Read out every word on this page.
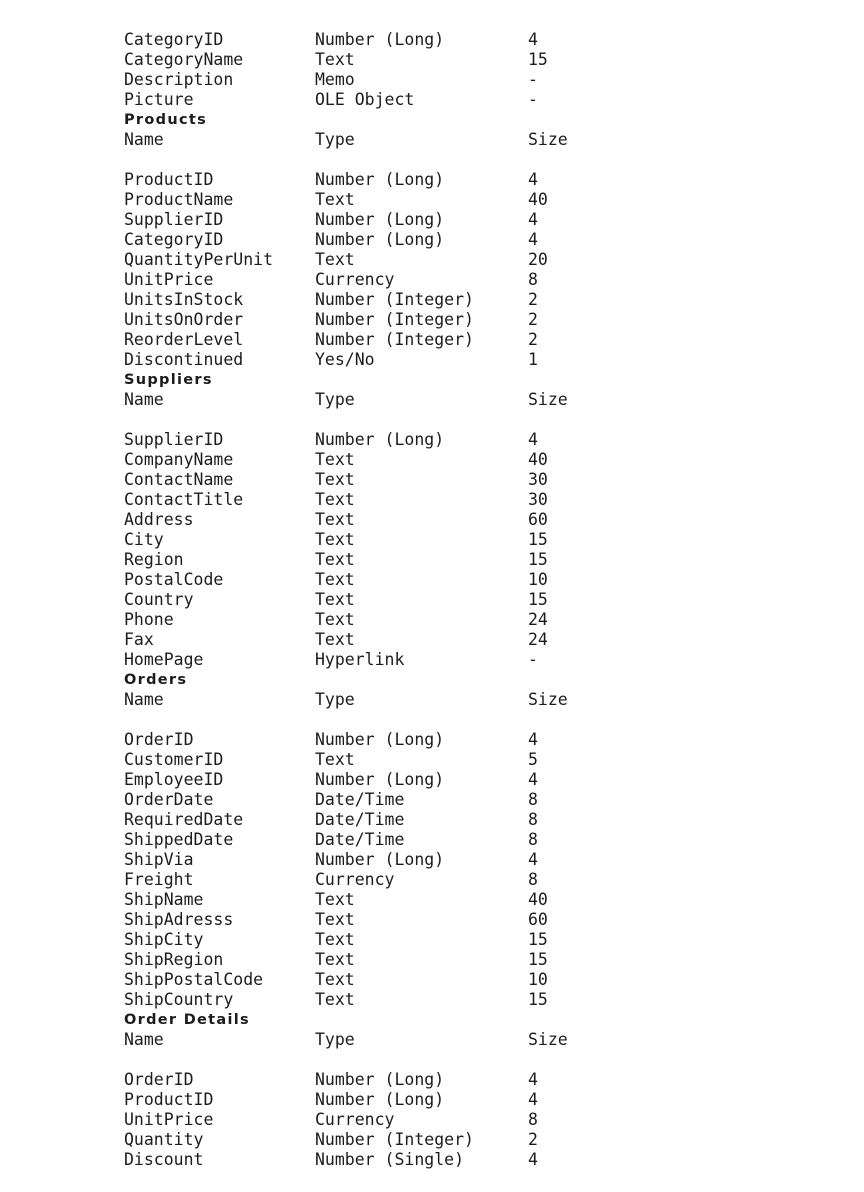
CategoryID	Number (Long)	4
CategoryName	Text	15
Description	Memo	-
Picture	OLE Object	-
Products
Name	Type	Size
ProductID	Number (Long)	4
ProductName	Text	40
SupplierID	Number (Long)	4
CategoryID	Number (Long)	4
QuantityPerUnit	Text	20
UnitPrice	Currency	8
UnitsInStock	Number (Integer)	2
UnitsOnOrder	Number (Integer)	2
ReorderLevel	Number (Integer)	2
Discontinued	Yes/No	1
Suppliers
Name	Type	Size
SupplierID	Number (Long)	4
CompanyName	Text	40
ContactName	Text	30
ContactTitle	Text	30
Address	Text	60
City	Text	15
Region	Text	15
PostalCode	Text	10
Country	Text	15
Phone	Text	24
Fax	Text	24
HomePage	Hyperlink	-
Orders
Name	Type	Size
OrderID	Number (Long)	4
CustomerID	Text	5
EmployeeID	Number (Long)	4
OrderDate	Date/Time	8
RequiredDate	Date/Time	8
ShippedDate	Date/Time	8
ShipVia	Number (Long)	4
Freight	Currency	8
ShipName	Text	40
ShipAdresss	Text	60
ShipCity	Text	15
ShipRegion	Text	15
ShipPostalCode	Text	10
ShipCountry	Text	15
Order Details
Name	Type	Size
OrderID	Number (Long)	4
ProductID	Number (Long)	4
UnitPrice	Currency	8
Quantity	Number (Integer)	2
Discount	Number (Single)	4
